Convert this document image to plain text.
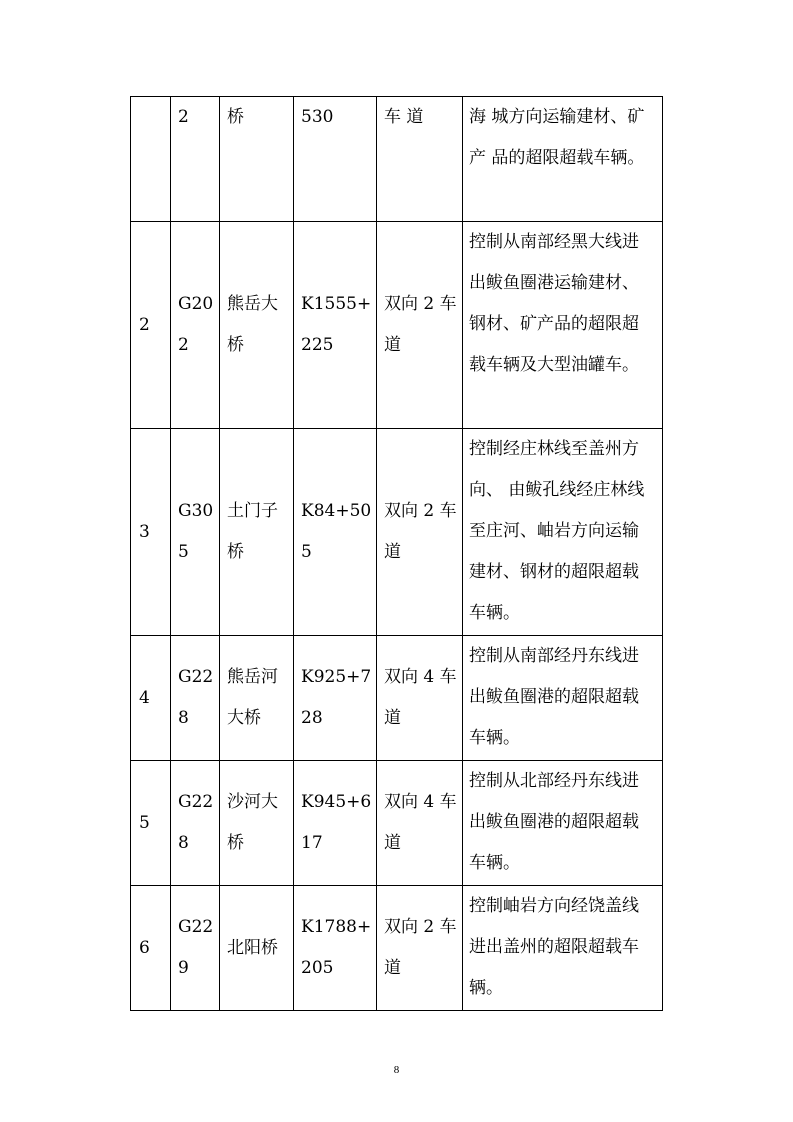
	2	桥	530	车 道	海 城方向运输建材、矿产 品的超限超载车辆。

2	G202	熊岳大桥	K1555+225	双向 2 车 道	控制从南部经黑大线进 出鲅鱼圈港运输建材、 钢材、矿产品的超限超 载车辆及大型油罐车。

3	G305	土门子桥	K84+505	双向 2 车 道	控制经庄林线至盖州方 向、 由鲅孔线经庄林线 至庄河、岫岩方向运输 建材、钢材的超限超载 车辆。

4	G228	熊岳河大桥	K925+728	双向 4 车 道	控制从南部经丹东线进 出鲅鱼圈港的超限超载 车辆。

5	G228	沙河大桥	K945+617	双向 4 车 道	控制从北部经丹东线进 出鲅鱼圈港的超限超载 车辆。

6	G229	北阳桥	K1788+205	双向 2 车 道	控制岫岩方向经饶盖线 进出盖州的超限超载车 辆。
8
